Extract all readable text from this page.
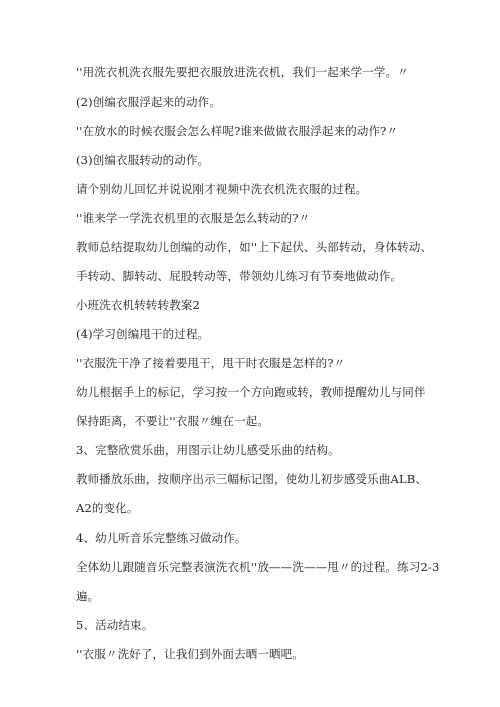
''用洗衣机洗衣服先要把衣服放进洗衣机，我们一起来学一学。〃
(2)创编衣服浮起来的动作。
''在放水的时候衣服会怎么样呢?谁来做做衣服浮起来的动作?〃
(3)创编衣服转动的动作。
请个别幼儿回忆并说说刚才视频中洗衣机洗衣服的过程。
''谁来学一学洗衣机里的衣服是怎么转动的?〃
教师总结提取幼儿创编的动作，如''上下起伏、头部转动，身体转动、
手转动、脚转动、屁股转动等，带领幼儿练习有节奏地做动作。
小班洗衣机转转转教案2
(4)学习创编甩干的过程。
''衣服洗干净了接着要甩干，甩干时衣服是怎样的?〃
幼儿根据手上的标记，学习按一个方向跑或转，教师提醒幼儿与同伴
保持距离，不要让''衣服〃缠在一起。
3、完整欣赏乐曲，用图示让幼儿感受乐曲的结构。
教师播放乐曲，按顺序出示三幅标记图，使幼儿初步感受乐曲ALB、
A2的变化。
4、幼儿听音乐完整练习做动作。
全体幼儿跟随音乐完整表演洗衣机''放——洗——甩〃的过程。练习2-3
遍。
5、活动结束。
''衣服〃洗好了，让我们到外面去晒一晒吧。
